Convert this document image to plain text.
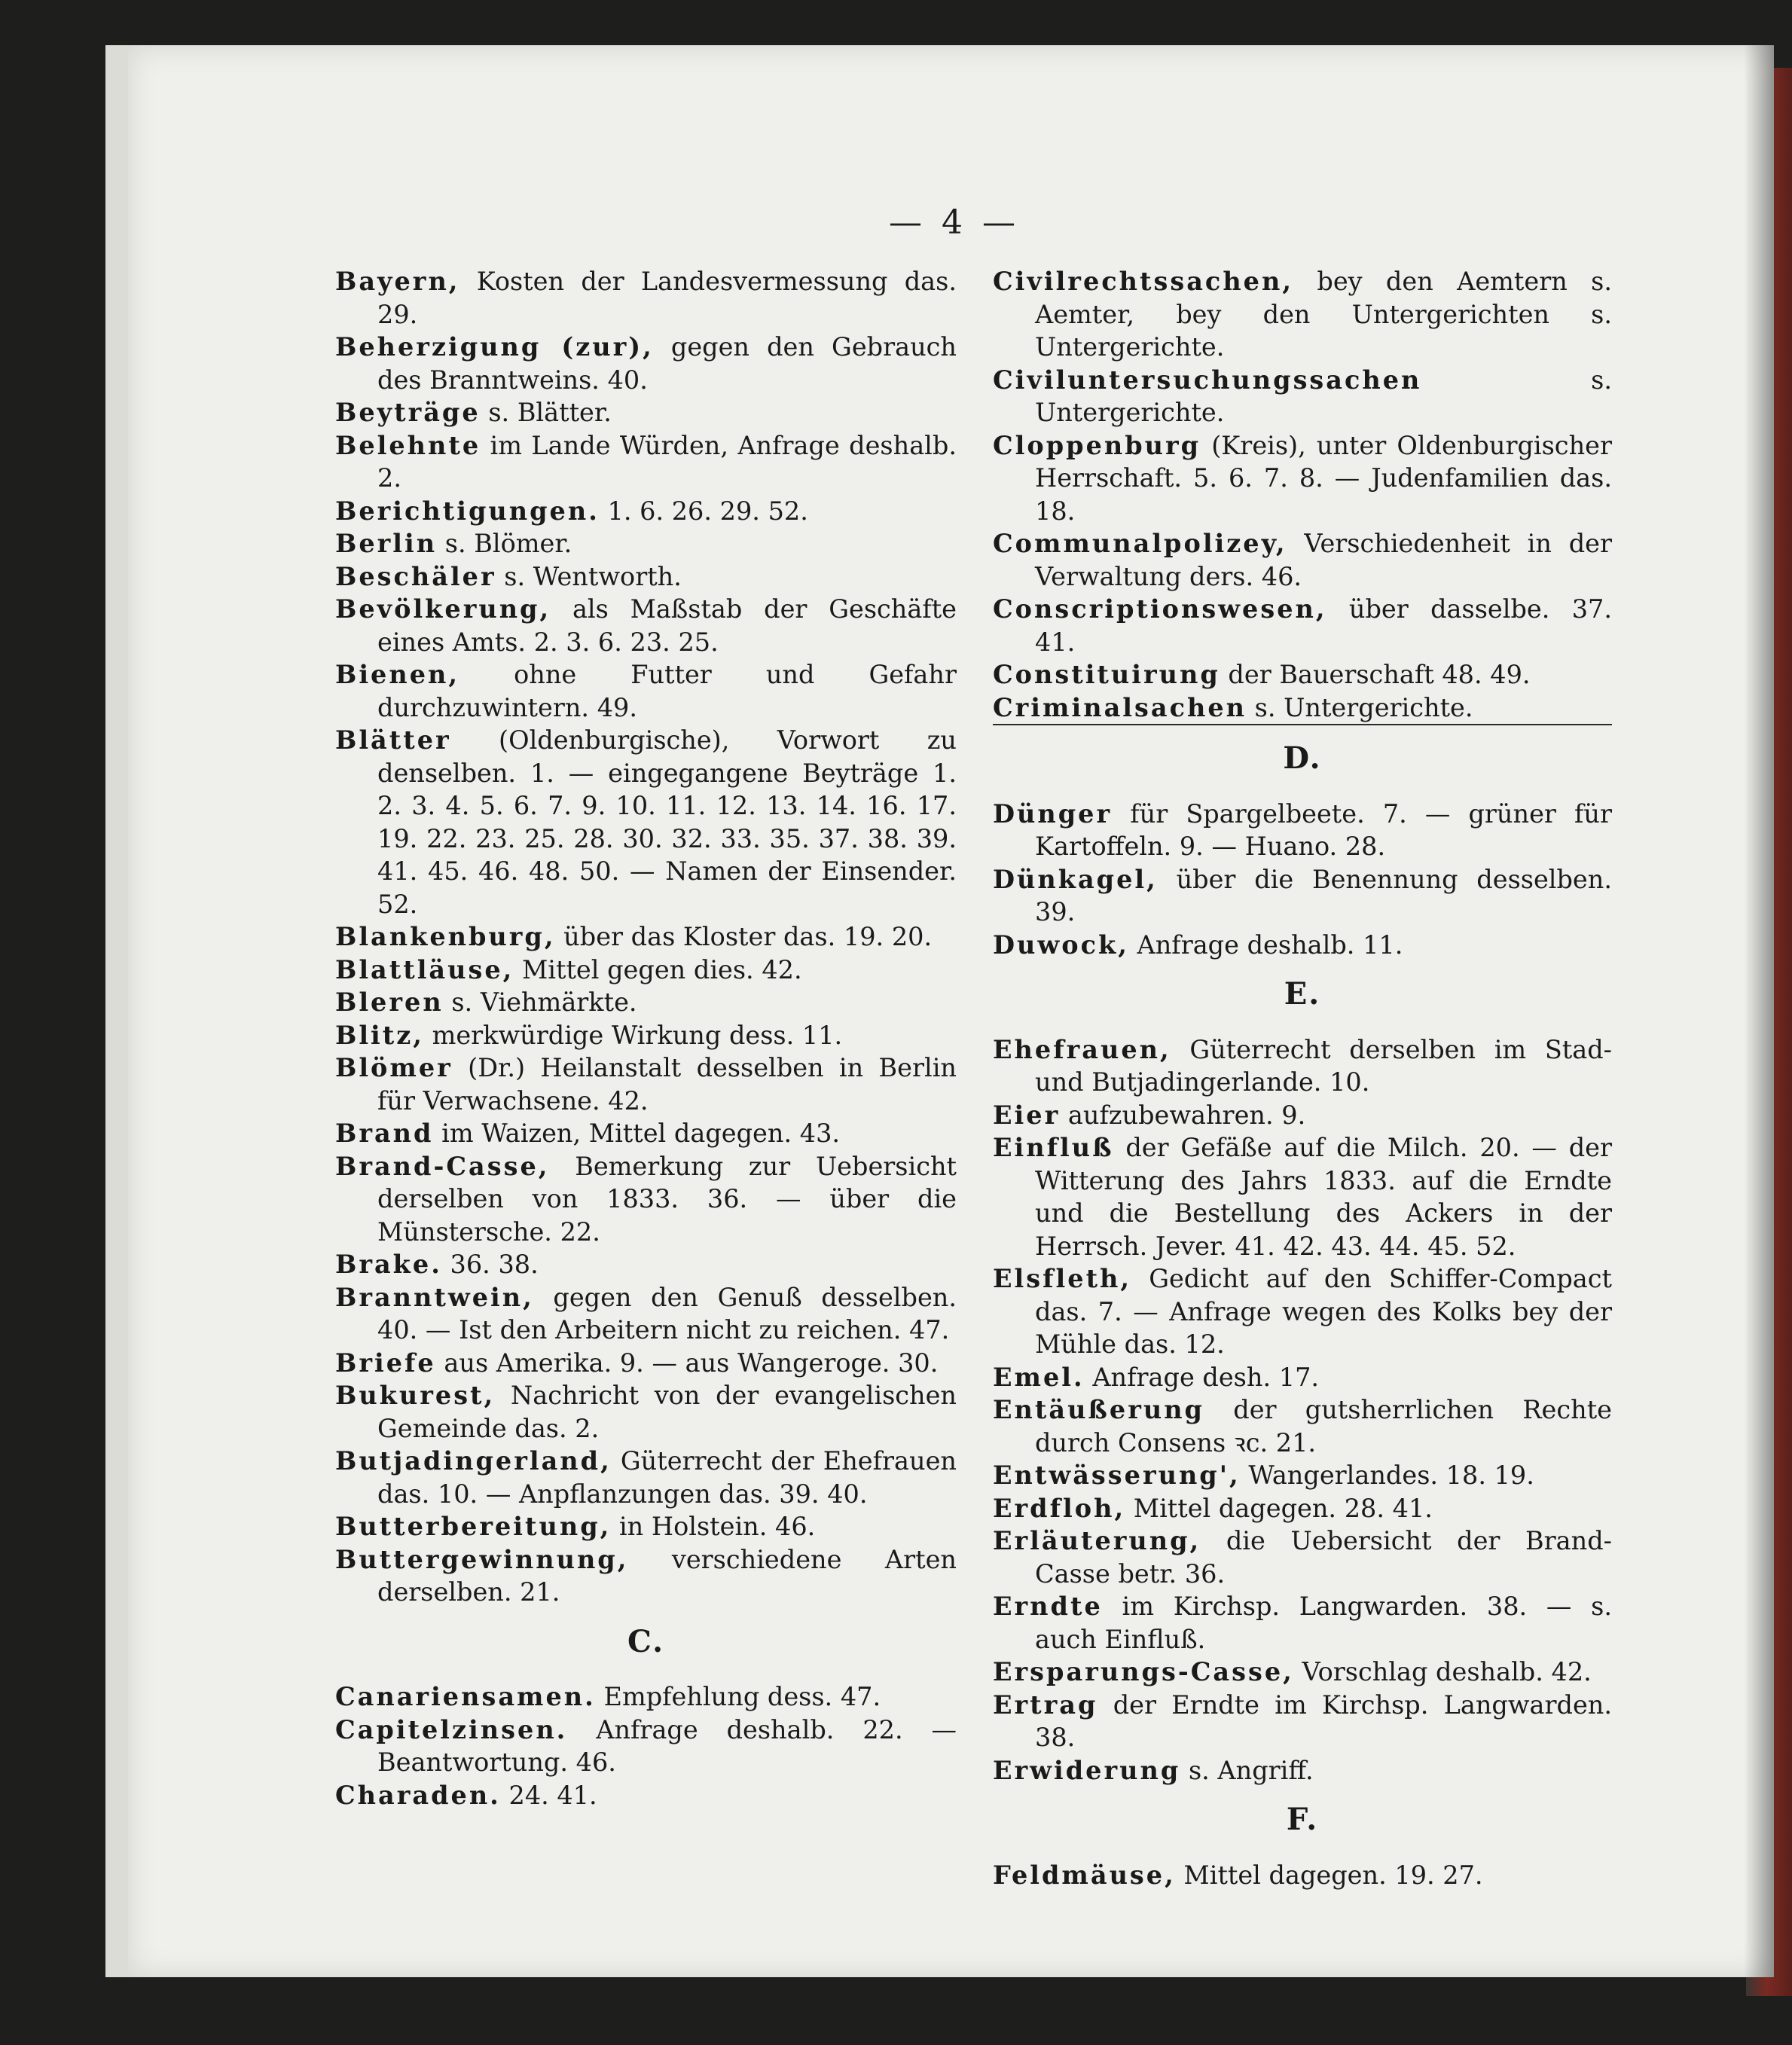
— 4 —
Bayern, Kosten der Landesvermessung das. 29.
Beherzigung (zur), gegen den Gebrauch des Branntweins. 40.
Beyträge s. Blätter.
Belehnte im Lande Würden, Anfrage deshalb. 2.
Berichtigungen. 1. 6. 26. 29. 52.
Berlin s. Blömer.
Beschäler s. Wentworth.
Bevölkerung, als Maßstab der Geschäfte eines Amts. 2. 3. 6. 23. 25.
Bienen, ohne Futter und Gefahr durchzuwintern. 49.
Blätter (Oldenburgische), Vorwort zu denselben. 1. — eingegangene Beyträge 1. 2. 3. 4. 5. 6. 7. 9. 10. 11. 12. 13. 14. 16. 17. 19. 22. 23. 25. 28. 30. 32. 33. 35. 37. 38. 39. 41. 45. 46. 48. 50. — Namen der Einsender. 52.
Blankenburg, über das Kloster das. 19. 20.
Blattläuse, Mittel gegen dies. 42.
Bleren s. Viehmärkte.
Blitz, merkwürdige Wirkung dess. 11.
Blömer (Dr.) Heilanstalt desselben in Berlin für Verwachsene. 42.
Brand im Waizen, Mittel dagegen. 43.
Brand-Casse, Bemerkung zur Uebersicht derselben von 1833. 36. — über die Münstersche. 22.
Brake. 36. 38.
Branntwein, gegen den Genuß desselben. 40. — Ist den Arbeitern nicht zu reichen. 47.
Briefe aus Amerika. 9. — aus Wangeroge. 30.
Bukurest, Nachricht von der evangelischen Gemeinde das. 2.
Butjadingerland, Güterrecht der Ehefrauen das. 10. — Anpflanzungen das. 39. 40.
Butterbereitung, in Holstein. 46.
Buttergewinnung, verschiedene Arten derselben. 21.
C.
Canariensamen. Empfehlung dess. 47.
Capitelzinsen. Anfrage deshalb. 22. — Beantwortung. 46.
Charaden. 24. 41.
Civilrechtssachen, bey den Aemtern s. Aemter, bey den Untergerichten s. Untergerichte.
Civiluntersuchungssachen	s. Untergerichte.
Cloppenburg (Kreis), unter Oldenburgischer Herrschaft. 5. 6. 7. 8. — Judenfamilien das. 18.
Communalpolizey, Verschiedenheit in der Verwaltung ders. 46.
Conscriptionswesen, über dasselbe. 37. 41.
Constituirung der Bauerschaft 48. 49.
Criminalsachen s. Untergerichte.
D.
Dünger für Spargelbeete. 7. — grüner für Kartoffeln. 9. — Huano. 28.
Dünkagel, über die Benennung desselben. 39.
Duwock, Anfrage deshalb. 11.
E.
Ehefrauen, Güterrecht derselben im Stad- und Butjadingerlande. 10.
Eier aufzubewahren. 9.
Einfluß der Gefäße auf die Milch. 20. — der Witterung des Jahrs 1833. auf die Erndte und die Bestellung des Ackers in der Herrsch. Jever. 41. 42. 43. 44. 45. 52.
Elsfleth, Gedicht auf den Schiffer-Compact das. 7. — Anfrage wegen des Kolks bey der Mühle das. 12.
Emel. Anfrage desh. 17.
Entäußerung der gutsherrlichen Rechte durch Consens ꝛc. 21.
Entwässerung', Wangerlandes. 18. 19.
Erdfloh, Mittel dagegen. 28. 41.
Erläuterung, die Uebersicht der Brand-Casse betr. 36.
Erndte im Kirchsp. Langwarden. 38. — s. auch Einfluß.
Ersparungs-Casse, Vorschlag deshalb. 42.
Ertrag der Erndte im Kirchsp. Langwarden. 38.
Erwiderung s. Angriff.
F.
Feldmäuse, Mittel dagegen. 19. 27.
